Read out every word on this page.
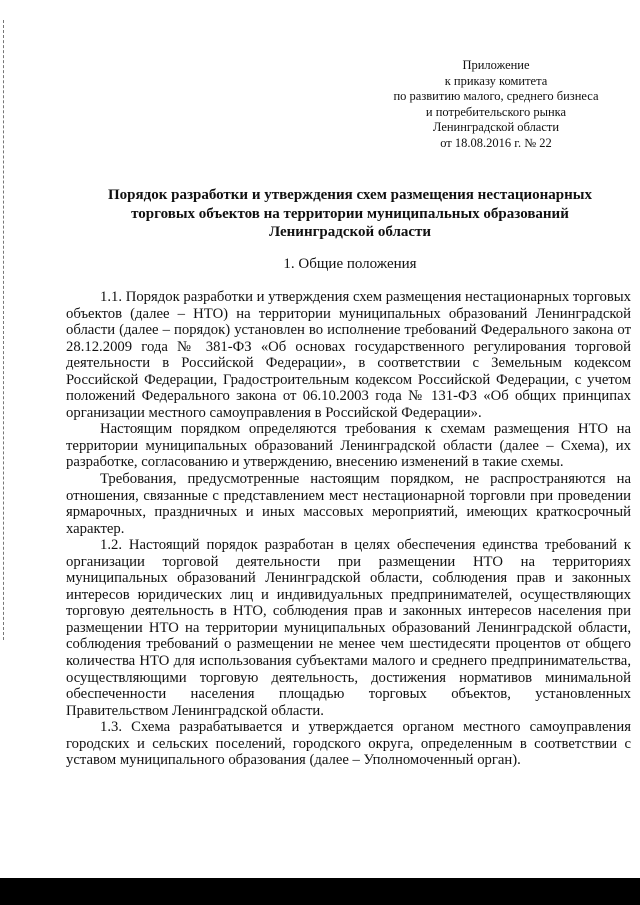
Приложение
к приказу комитета
по развитию малого, среднего бизнеса
и потребительского рынка
Ленинградской области
от 18.08.2016 г. № 22
Порядок разработки и утверждения схем размещения нестационарных
торговых объектов на территории муниципальных образований
Ленинградской области
1. Общие положения

1.1. Порядок разработки и утверждения схем размещения нестационарных торговых объектов (далее – НТО) на территории муниципальных образований Ленинградской области (далее – порядок) установлен во исполнение требований Федерального закона от 28.12.2009 года № 381-ФЗ «Об основах государственного регулирования торговой деятельности в Российской Федерации», в соответствии с Земельным кодексом Российской Федерации, Градостроительным кодексом Российской Федерации, с учетом положений Федерального закона от 06.10.2003 года № 131-ФЗ «Об общих принципах организации местного самоуправления в Российской Федерации».

Настоящим порядком определяются требования к схемам размещения НТО на территории муниципальных образований Ленинградской области (далее – Схема), их разработке, согласованию и утверждению, внесению изменений в такие схемы.

Требования, предусмотренные настоящим порядком, не распространяются на отношения, связанные с представлением мест нестационарной торговли при проведении ярмарочных, праздничных и иных массовых мероприятий, имеющих краткосрочный характер.

1.2. Настоящий порядок разработан в целях обеспечения единства требований к организации торговой деятельности при размещении НТО на территориях муниципальных образований Ленинградской области, соблюдения прав и законных интересов юридических лиц и индивидуальных предпринимателей, осуществляющих торговую деятельность в НТО, соблюдения прав и законных интересов населения при размещении НТО на территории муниципальных образований Ленинградской области, соблюдения требований о размещении не менее чем шестидесяти процентов от общего количества НТО для использования субъектами малого и среднего предпринимательства, осуществляющими торговую деятельность, достижения нормативов минимальной обеспеченности населения площадью торговых объектов, установленных Правительством Ленинградской области.

1.3. Схема разрабатывается и утверждается органом местного самоуправления городских и сельских поселений, городского округа, определенным в соответствии с уставом муниципального образования (далее – Уполномоченный орган).
